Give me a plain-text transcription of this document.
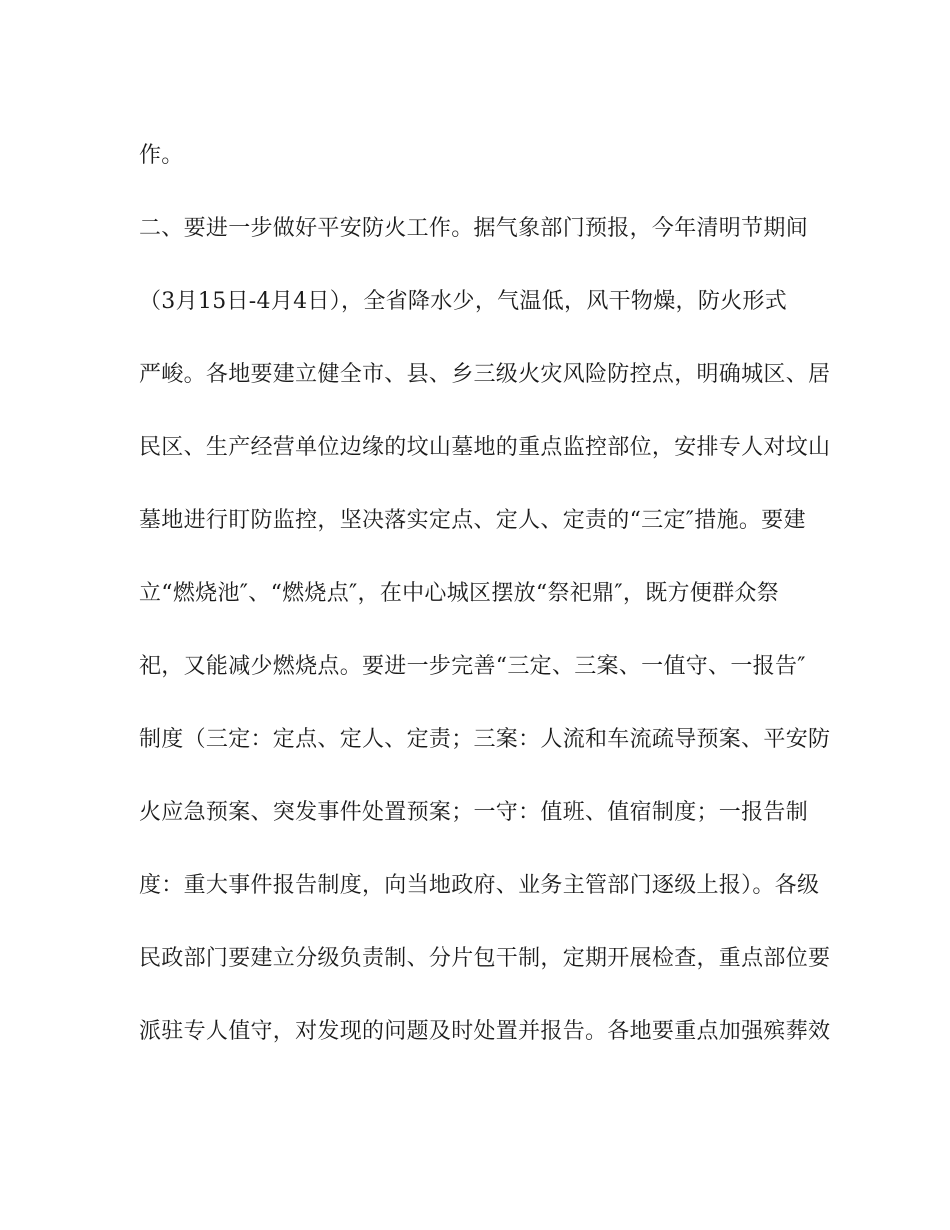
作。
二、要进一步做好平安防火工作。据气象部门预报，今年清明节期间
（3月15日-4月4日），全省降水少，气温低，风干物燥，防火形式
严峻。各地要建立健全市、县、乡三级火灾风险防控点，明确城区、居
民区、生产经营单位边缘的坟山墓地的重点监控部位，安排专人对坟山
墓地进行盯防监控，坚决落实定点、定人、定责的“三定″措施。要建
立“燃烧池″、“燃烧点″，在中心城区摆放“祭祀鼎″，既方便群众祭
祀，又能减少燃烧点。要进一步完善“三定、三案、一值守、一报告″
制度（三定：定点、定人、定责；三案：人流和车流疏导预案、平安防
火应急预案、突发事件处置预案；一守：值班、值宿制度；一报告制
度：重大事件报告制度，向当地政府、业务主管部门逐级上报）。各级
民政部门要建立分级负责制、分片包干制，定期开展检查，重点部位要
派驻专人值守，对发现的问题及时处置并报告。各地要重点加强殡葬效
